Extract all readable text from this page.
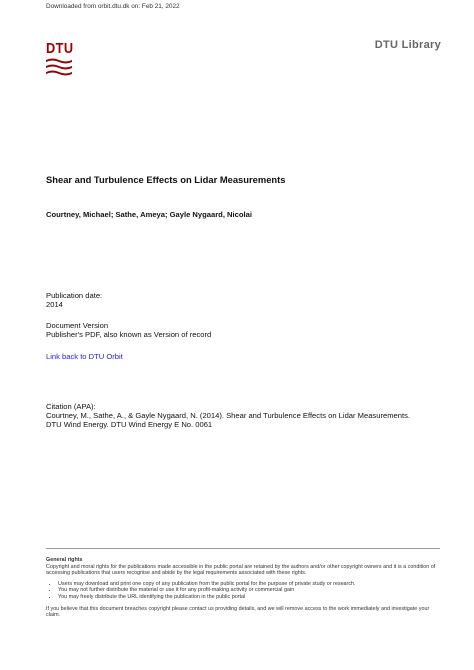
Downloaded from orbit.dtu.dk on: Feb 21, 2022
DTU	DTU Library
Shear and Turbulence Effects on Lidar Measurements
Courtney, Michael; Sathe, Ameya; Gayle Nygaard, Nicolai
Publication date:
2014
Document Version
Publisher's PDF, also known as Version of record
Link back to DTU Orbit
Citation (APA):
Courtney, M., Sathe, A., & Gayle Nygaard, N. (2014). Shear and Turbulence Effects on Lidar Measurements.
DTU Wind Energy. DTU Wind Energy E No. 0061
General rights
Copyright and moral rights for the publications made accessible in the public portal are retained by the authors and/or other copyright owners and it is a condition of accessing publications that users recognise and abide by the legal requirements associated with these rights.
• Users may download and print one copy of any publication from the public portal for the purpose of private study or research.
• You may not further distribute the material or use it for any profit-making activity or commercial gain
• You may freely distribute the URL identifying the publication in the public portal
If you believe that this document breaches copyright please contact us providing details, and we will remove access to the work immediately and investigate your claim.
